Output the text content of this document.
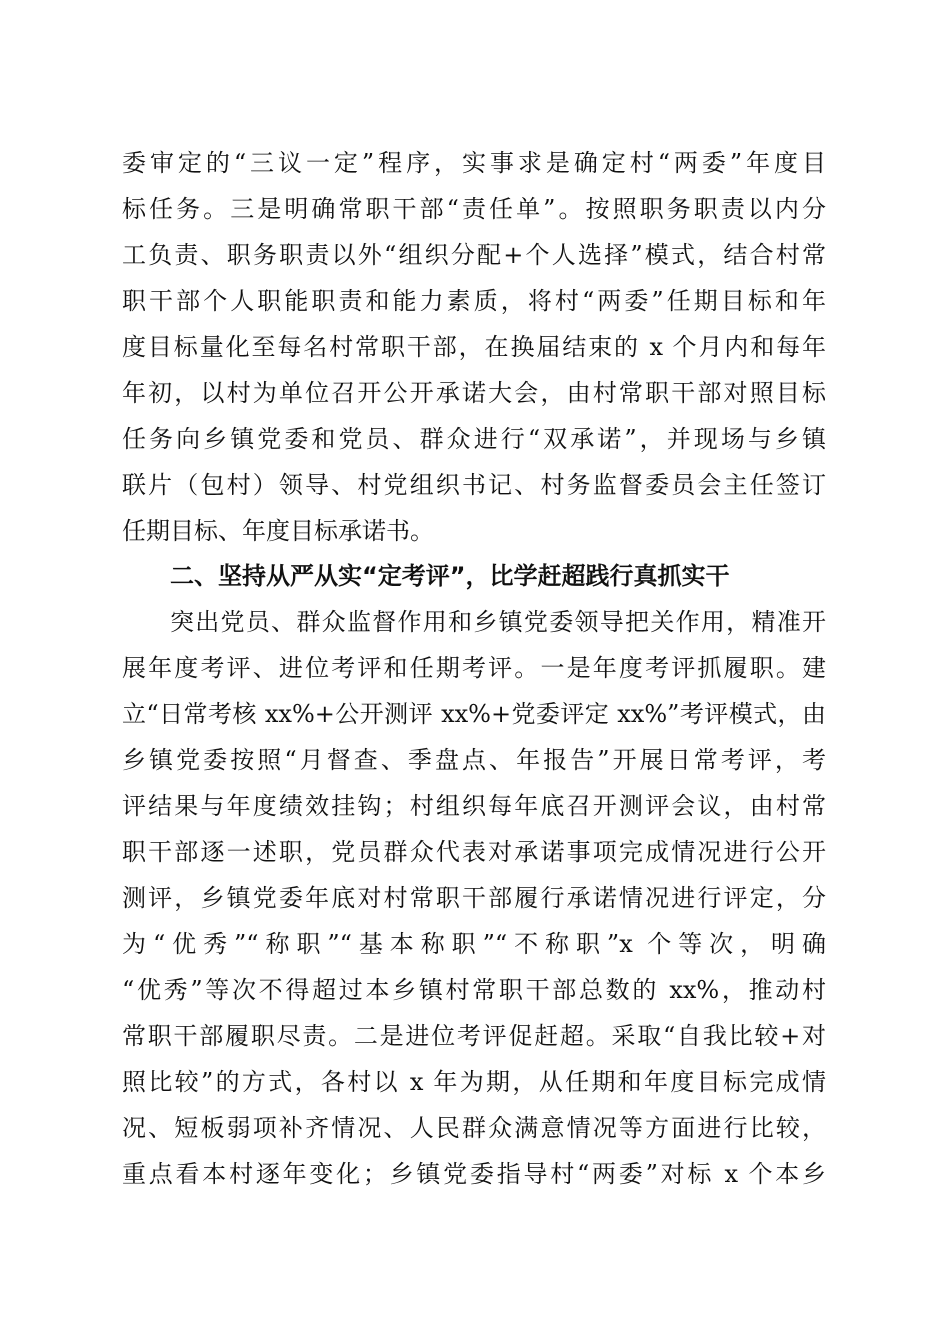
委审定的“三议一定”程序，实事求是确定村“两委”年度目
标任务。三是明确常职干部“责任单”。按照职务职责以内分
工负责、职务职责以外“组织分配+个人选择”模式，结合村常
职干部个人职能职责和能力素质，将村“两委”任期目标和年
度目标量化至每名村常职干部，在换届结束的 x 个月内和每年
年初，以村为单位召开公开承诺大会，由村常职干部对照目标
任务向乡镇党委和党员、群众进行“双承诺”，并现场与乡镇
联片（包村）领导、村党组织书记、村务监督委员会主任签订
任期目标、年度目标承诺书。
二、坚持从严从实“定考评”，比学赶超践行真抓实干
突出党员、群众监督作用和乡镇党委领导把关作用，精准开
展年度考评、进位考评和任期考评。一是年度考评抓履职。建
立“日常考核 xx%+公开测评 xx%+党委评定 xx%”考评模式，由
乡镇党委按照“月督查、季盘点、年报告”开展日常考评，考
评结果与年度绩效挂钩；村组织每年底召开测评会议，由村常
职干部逐一述职，党员群众代表对承诺事项完成情况进行公开
测评，乡镇党委年底对村常职干部履行承诺情况进行评定，分
为“优秀”“称职”“基本称职”“不称职”x 个等次，明确
“优秀”等次不得超过本乡镇村常职干部总数的 xx%，推动村
常职干部履职尽责。二是进位考评促赶超。采取“自我比较+对
照比较”的方式，各村以 x 年为期，从任期和年度目标完成情
况、短板弱项补齐情况、人民群众满意情况等方面进行比较，
重点看本村逐年变化；乡镇党委指导村“两委”对标 x 个本乡
